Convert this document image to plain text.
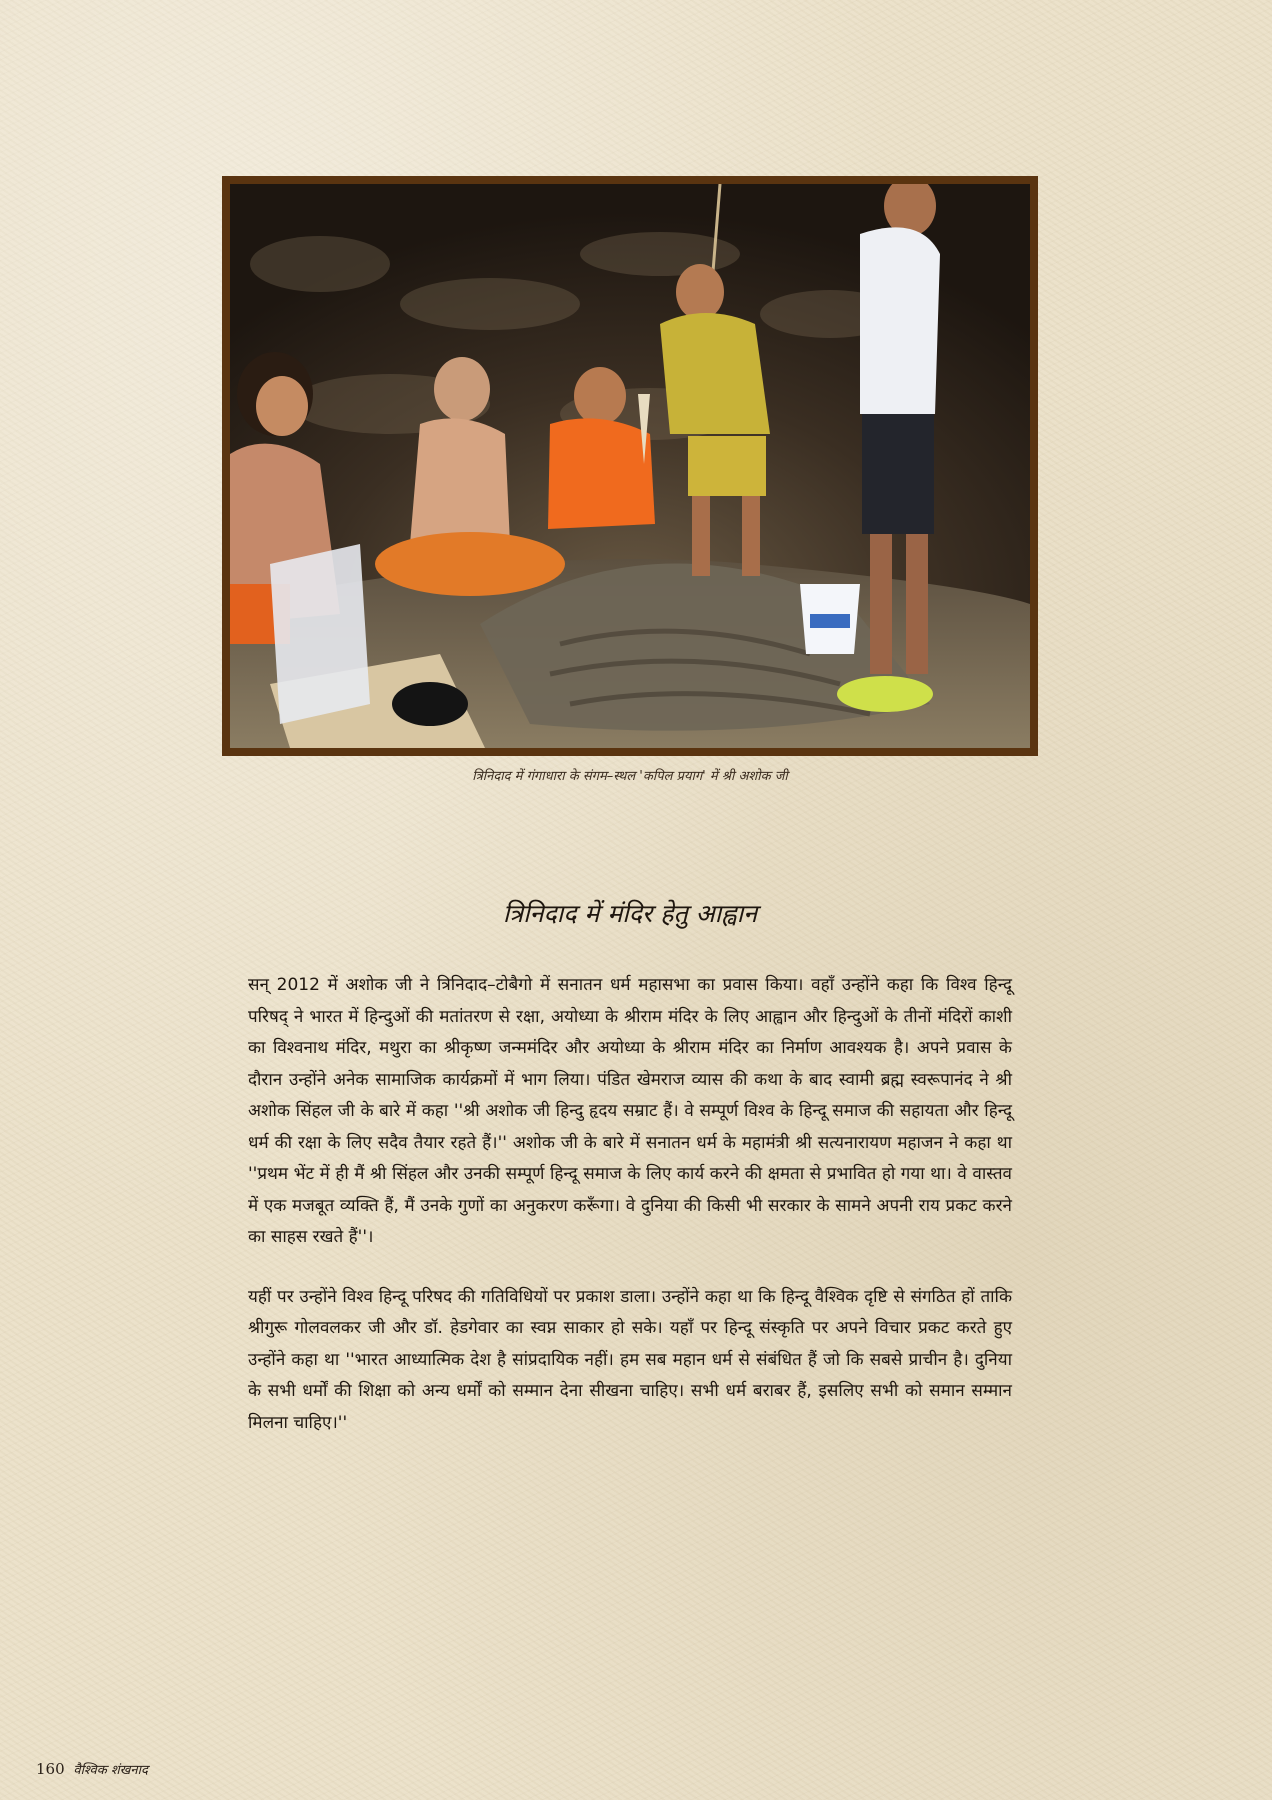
त्रिनिदाद में गंगाधारा के संगम–स्थल 'कपिल प्रयाग' में श्री अशोक जी
त्रिनिदाद में मंदिर हेतु आह्वान

सन् 2012 में अशोक जी ने त्रिनिदाद–टोबैगो में सनातन धर्म महासभा का प्रवास किया। वहाँ उन्होंने कहा कि विश्व हिन्दू परिषद् ने भारत में हिन्दुओं की मतांतरण से रक्षा, अयोध्या के श्रीराम मंदिर के लिए आह्वान और हिन्दुओं के तीनों मंदिरों काशी का विश्वनाथ मंदिर, मथुरा का श्रीकृष्ण जन्ममंदिर और अयोध्या के श्रीराम मंदिर का निर्माण आवश्यक है। अपने प्रवास के दौरान उन्होंने अनेक सामाजिक कार्यक्रमों में भाग लिया। पंडित खेमराज व्यास की कथा के बाद स्वामी ब्रह्म स्वरूपानंद ने श्री अशोक सिंहल जी के बारे में कहा ''श्री अशोक जी हिन्दु हृदय सम्राट हैं। वे सम्पूर्ण विश्व के हिन्दू समाज की सहायता और हिन्दू धर्म की रक्षा के लिए सदैव तैयार रहते हैं।'' अशोक जी के बारे में सनातन धर्म के महामंत्री श्री सत्यनारायण महाजन ने कहा था ''प्रथम भेंट में ही मैं श्री सिंहल और उनकी सम्पूर्ण हिन्दू समाज के लिए कार्य करने की क्षमता से प्रभावित हो गया था। वे वास्तव में एक मजबूत व्यक्ति हैं, मैं उनके गुणों का अनुकरण करूँगा। वे दुनिया की किसी भी सरकार के सामने अपनी राय प्रकट करने का साहस रखते हैं''।

यहीं पर उन्होंने विश्व हिन्दू परिषद की गतिविधियों पर प्रकाश डाला। उन्होंने कहा था कि हिन्दू वैश्विक दृष्टि से संगठित हों ताकि श्रीगुरू गोलवलकर जी और डॉ. हेडगेवार का स्वप्न साकार हो सके। यहाँ पर हिन्दू संस्कृति पर अपने विचार प्रकट करते हुए उन्होंने कहा था ''भारत आध्यात्मिक देश है सांप्रदायिक नहीं। हम सब महान धर्म से संबंधित हैं जो कि सबसे प्राचीन है। दुनिया के सभी धर्मों की शिक्षा को अन्य धर्मों को सम्मान देना सीखना चाहिए। सभी धर्म बराबर हैं, इसलिए सभी को समान सम्मान मिलना चाहिए।''

160 वैश्विक शंखनाद
